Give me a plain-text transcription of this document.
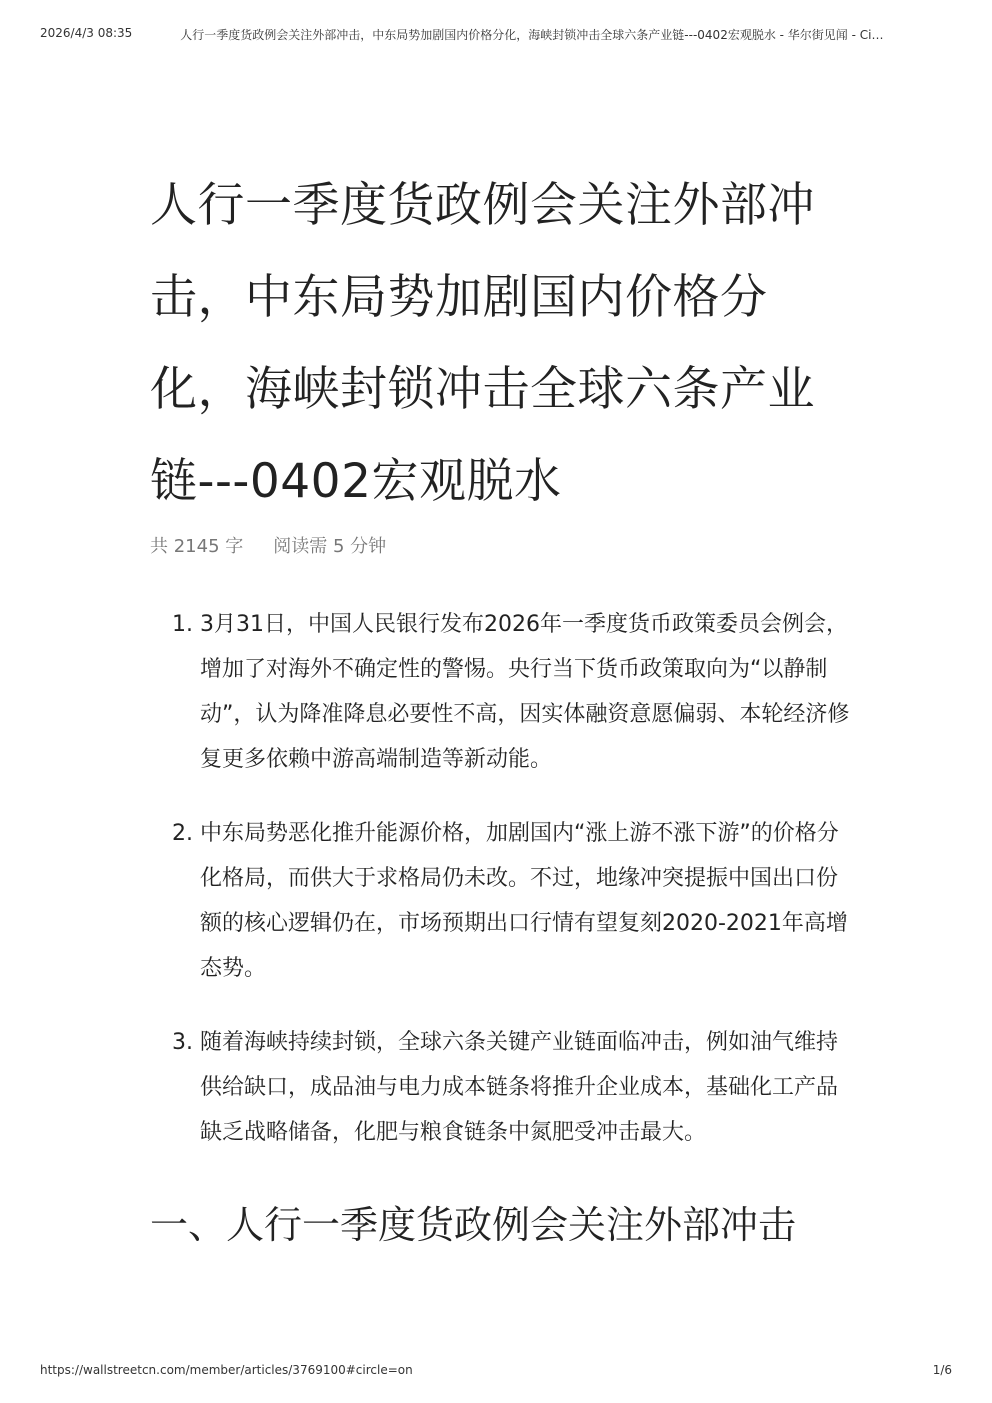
2026/4/3 08:35	人行一季度货政例会关注外部冲击，中东局势加剧国内价格分化，海峡封锁冲击全球六条产业链---0402宏观脱水 - 华尔街见闻 - Ci…
人行一季度货政例会关注外部冲击，中东局势加剧国内价格分化，海峡封锁冲击全球六条产业链---0402宏观脱水
共 2145 字 阅读需 5 分钟
1. 3月31日，中国人民银行发布2026年一季度货币政策委员会例会，增加了对海外不确定性的警惕。央行当下货币政策取向为“以静制动”，认为降准降息必要性不高，因实体融资意愿偏弱、本轮经济修复更多依赖中游高端制造等新动能。
2. 中东局势恶化推升能源价格，加剧国内“涨上游不涨下游”的价格分化格局，而供大于求格局仍未改。不过，地缘冲突提振中国出口份额的核心逻辑仍在，市场预期出口行情有望复刻2020-2021年高增态势。
3. 随着海峡持续封锁，全球六条关键产业链面临冲击，例如油气维持供给缺口，成品油与电力成本链条将推升企业成本，基础化工产品缺乏战略储备，化肥与粮食链条中氮肥受冲击最大。
一、人行一季度货政例会关注外部冲击
https://wallstreetcn.com/member/articles/3769100#circle=on	1/6
